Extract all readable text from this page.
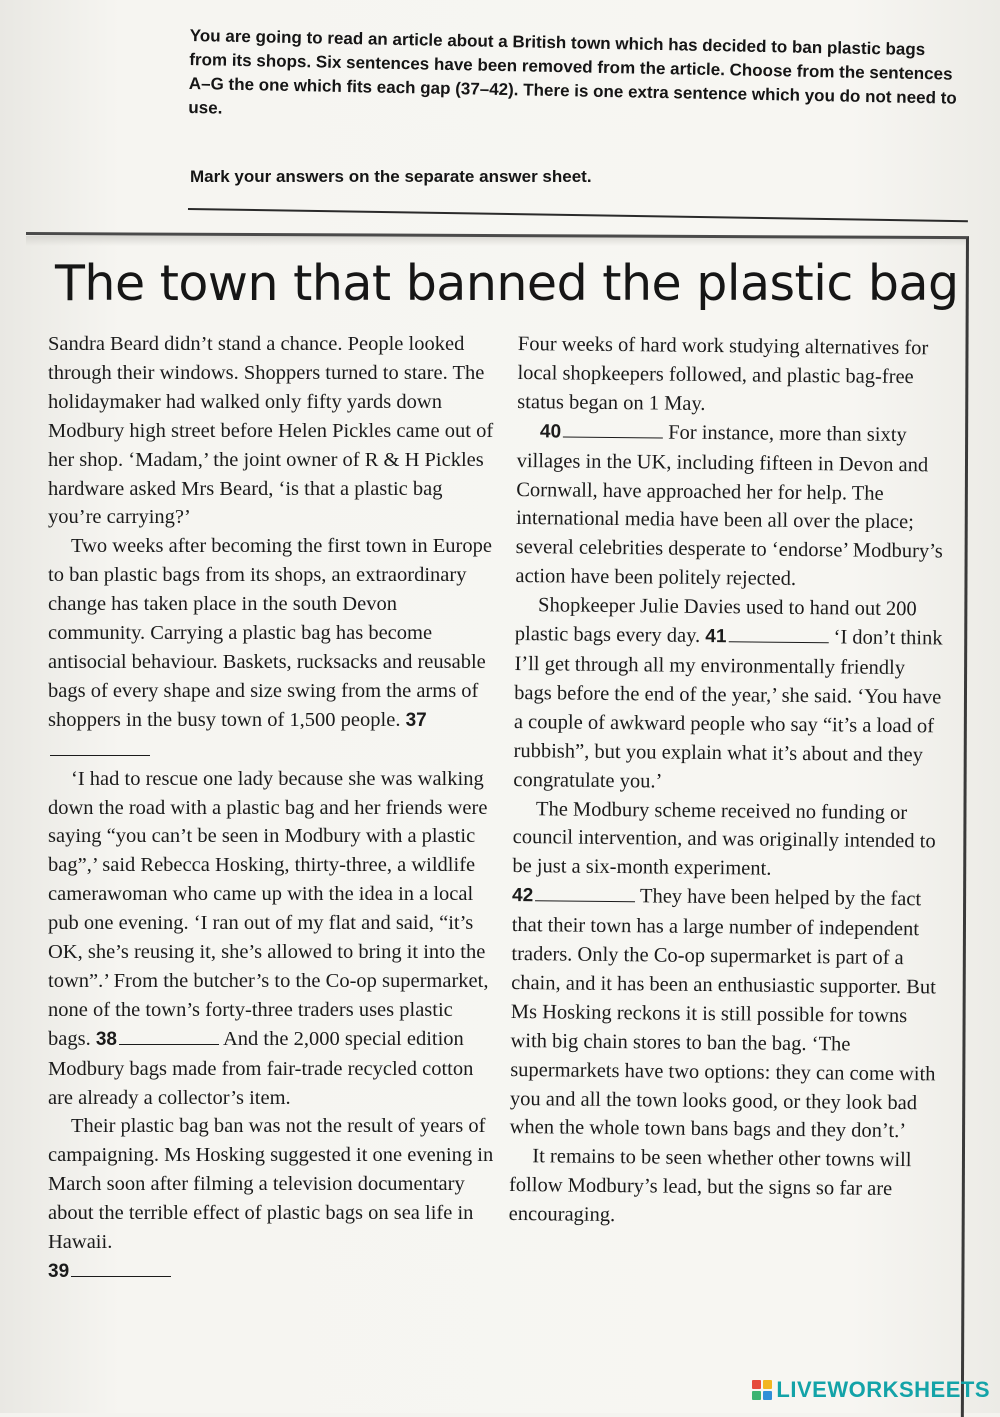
You are going to read an article about a British town which has decided to ban plastic bags from its shops. Six sentences have been removed from the article. Choose from the sentences A–G the one which fits each gap (37–42). There is one extra sentence which you do not need to use.

Mark your answers on the separate answer sheet.
The town that banned the plastic bag

Sandra Beard didn’t stand a chance. People looked through their windows. Shoppers turned to stare. The holidaymaker had walked only fifty yards down Modbury high street before Helen Pickles came out of her shop. ‘Madam,’ the joint owner of R & H Pickles hardware asked Mrs Beard, ‘is that a plastic bag you’re carrying?’

Two weeks after becoming the first town in Europe to ban plastic bags from its shops, an extraordinary change has taken place in the south Devon community. Carrying a plastic bag has become antisocial behaviour. Baskets, rucksacks and reusable bags of every shape and size swing from the arms of shoppers in the busy town of 1,500 people. 37

‘I had to rescue one lady because she was walking down the road with a plastic bag and her friends were saying “you can’t be seen in Modbury with a plastic bag”,’ said Rebecca Hosking, thirty-three, a wildlife camerawoman who came up with the idea in a local pub one evening. ‘I ran out of my flat and said, “it’s OK, she’s reusing it, she’s allowed to bring it into the town”.’ From the butcher’s to the Co-op supermarket, none of the town’s forty-three traders uses plastic bags. 38	And the 2,000 special edition Modbury bags made from fair-trade recycled cotton are already a collector’s item.

Their plastic bag ban was not the result of years of campaigning. Ms Hosking suggested it one evening in March soon after filming a television documentary about the terrible effect of plastic bags on sea life in Hawaii.
39

Four weeks of hard work studying alternatives for local shopkeepers followed, and plastic bag-free status began on 1 May.

40	For instance, more than sixty villages in the UK, including fifteen in Devon and Cornwall, have approached her for help. The international media have been all over the place; several celebrities desperate to ‘endorse’ Modbury’s action have been politely rejected.

Shopkeeper Julie Davies used to hand out 200 plastic bags every day. 41	‘I don’t think I’ll get through all my environmentally friendly bags before the end of the year,’ she said. ‘You have a couple of awkward people who say “it’s a load of rubbish”, but you explain what it’s about and they congratulate you.’

The Modbury scheme received no funding or council intervention, and was originally intended to be just a six-month experiment.
42	They have been helped by the fact that their town has a large number of independent traders. Only the Co-op supermarket is part of a chain, and it has been an enthusiastic supporter. But Ms Hosking reckons it is still possible for towns with big chain stores to ban the bag. ‘The supermarkets have two options: they can come with you and all the town looks good, or they look bad when the whole town bans bags and they don’t.’

It remains to be seen whether other towns will follow Modbury’s lead, but the signs so far are encouraging.

LIVEWORKSHEETS
